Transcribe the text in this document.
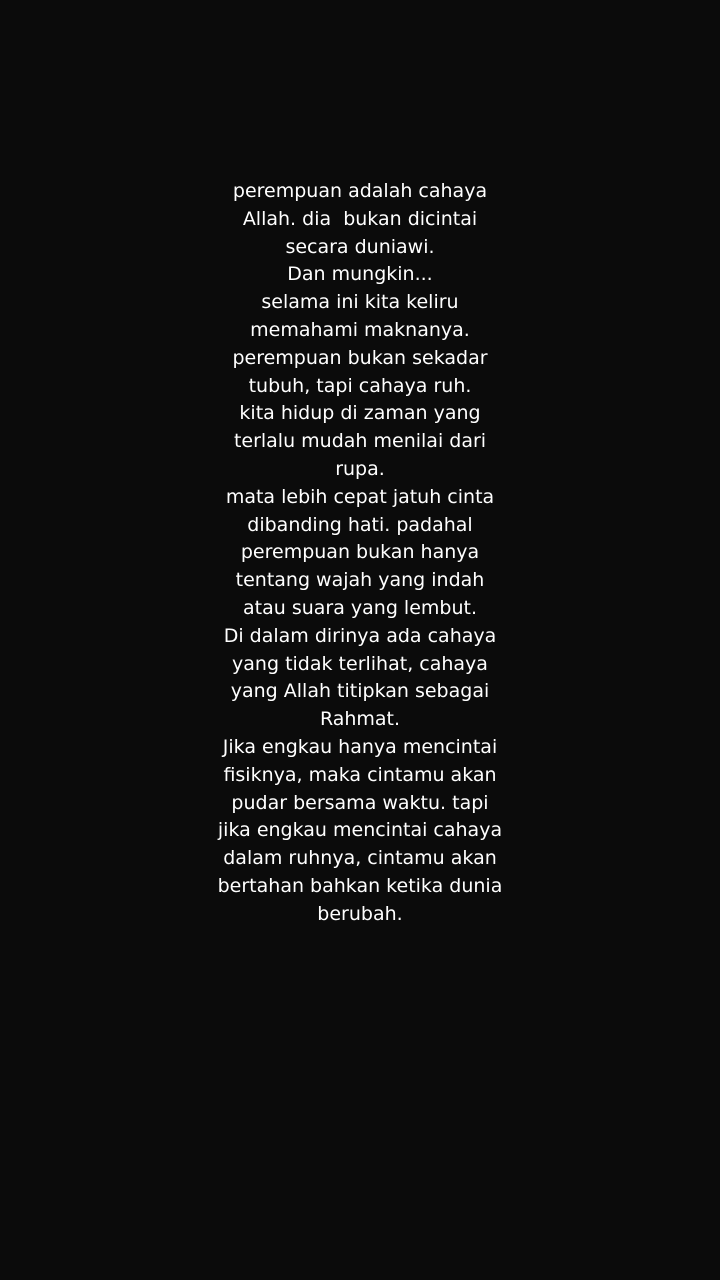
perempuan adalah cahaya
Allah. dia  bukan dicintai
secara duniawi.
Dan mungkin...
selama ini kita keliru
memahami maknanya.
perempuan bukan sekadar
tubuh, tapi cahaya ruh.
kita hidup di zaman yang
terlalu mudah menilai dari
rupa.
mata lebih cepat jatuh cinta
dibanding hati. padahal
perempuan bukan hanya
tentang wajah yang indah
atau suara yang lembut.
Di dalam dirinya ada cahaya
yang tidak terlihat, cahaya
yang Allah titipkan sebagai
Rahmat.
Jika engkau hanya mencintai
fisiknya, maka cintamu akan
pudar bersama waktu. tapi
jika engkau mencintai cahaya
dalam ruhnya, cintamu akan
bertahan bahkan ketika dunia
berubah.
